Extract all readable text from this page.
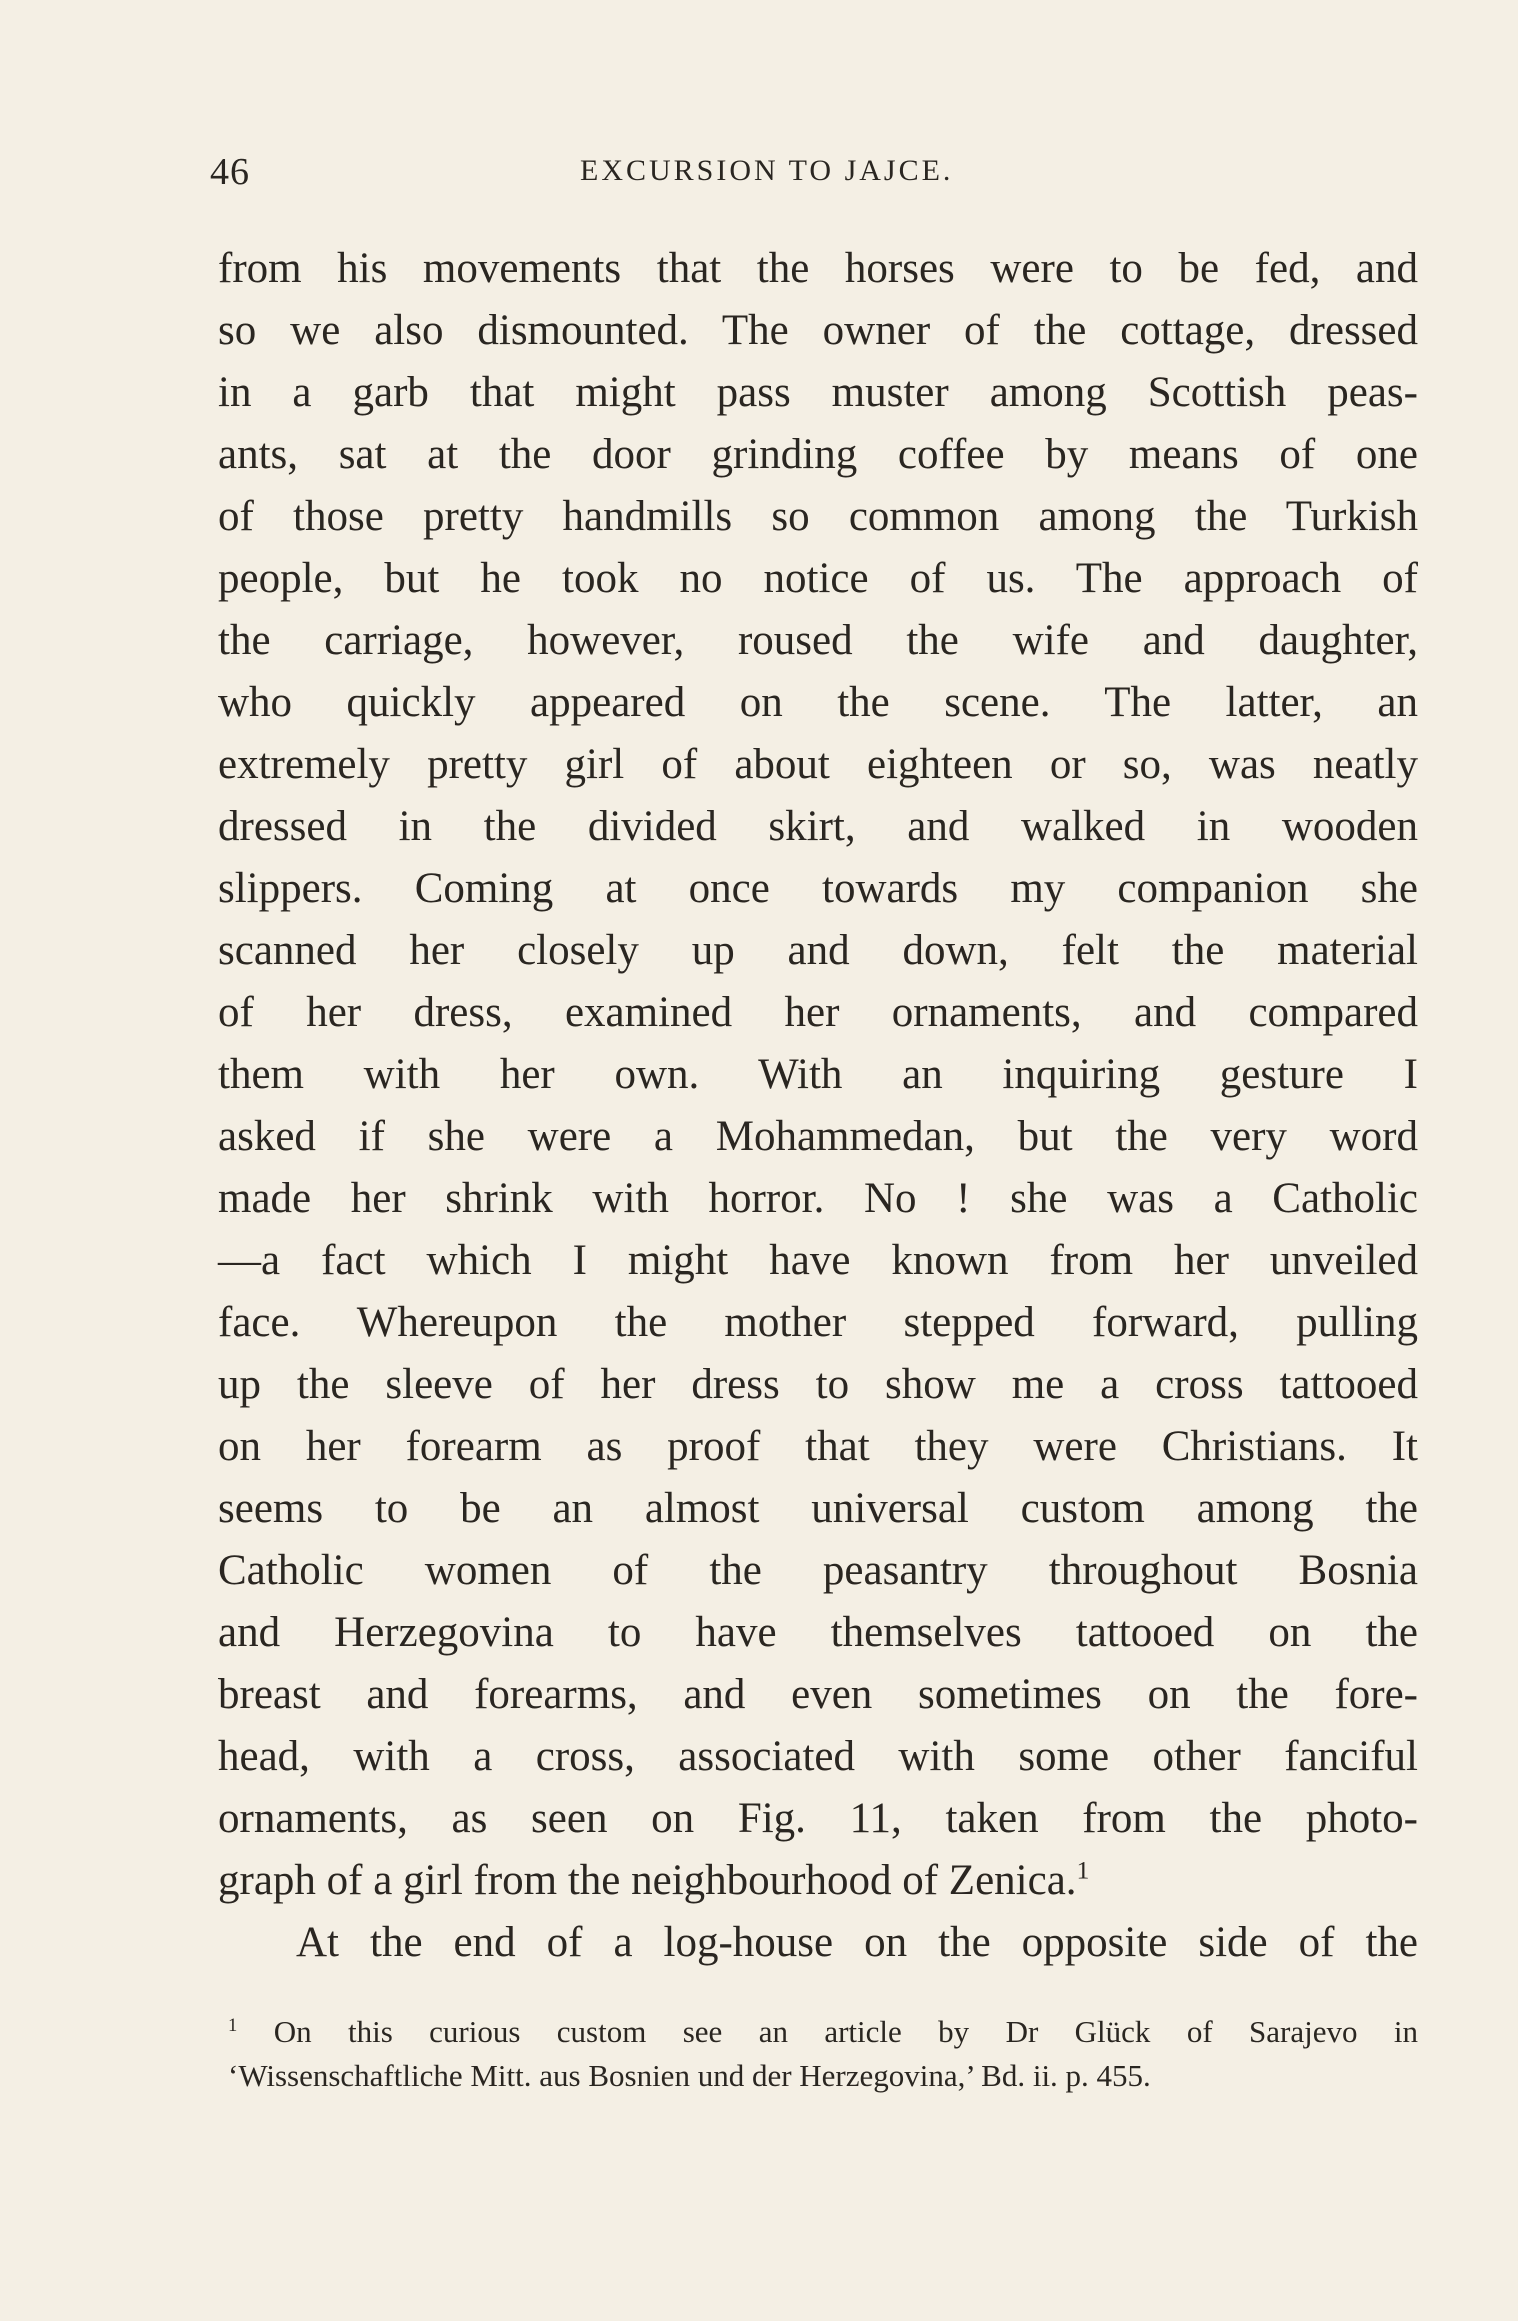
46	EXCURSION TO JAJCE.
from his movements that the horses were to be fed, and
so we also dismounted. The owner of the cottage, dressed
in a garb that might pass muster among Scottish peas-
ants, sat at the door grinding coffee by means of one
of those pretty handmills so common among the Turkish
people, but he took no notice of us. The approach of
the carriage, however, roused the wife and daughter,
who quickly appeared on the scene. The latter, an
extremely pretty girl of about eighteen or so, was neatly
dressed in the divided skirt, and walked in wooden
slippers. Coming at once towards my companion she
scanned her closely up and down, felt the material
of her dress, examined her ornaments, and compared
them with her own. With an inquiring gesture I
asked if she were a Mohammedan, but the very word
made her shrink with horror. No ! she was a Catholic
—a fact which I might have known from her unveiled
face. Whereupon the mother stepped forward, pulling
up the sleeve of her dress to show me a cross tattooed
on her forearm as proof that they were Christians. It
seems to be an almost universal custom among the
Catholic women of the peasantry throughout Bosnia
and Herzegovina to have themselves tattooed on the
breast and forearms, and even sometimes on the fore-
head, with a cross, associated with some other fanciful
ornaments, as seen on Fig. 11, taken from the photo-
graph of a girl from the neighbourhood of Zenica.$^1$
At the end of a log-house on the opposite side of the
$^1$ On this curious custom see an article by Dr Glück of Sarajevo in
‘Wissenschaftliche Mitt. aus Bosnien und der Herzegovina,’ Bd. ii. p. 455.
